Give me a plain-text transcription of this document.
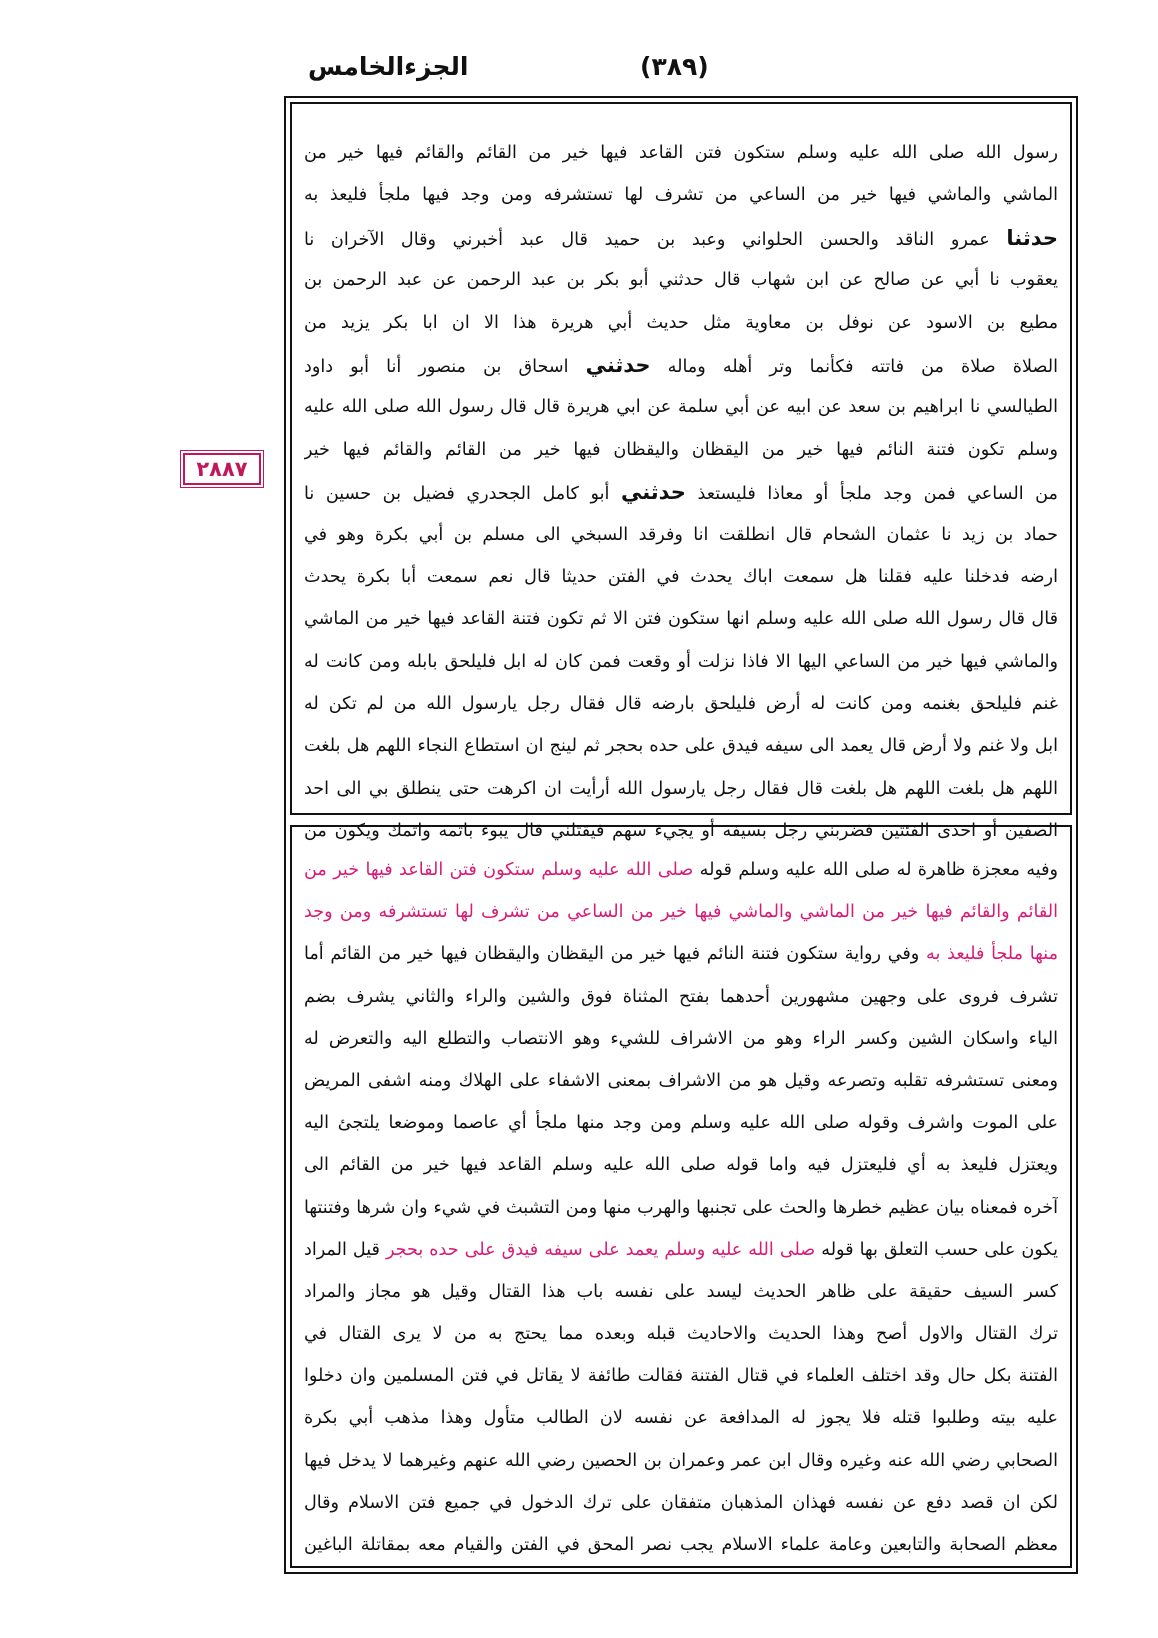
الجزءالخامس	(٣٨٩)
٢٨٨٧
رسول الله صلى الله عليه وسلم ستكون فتن القاعد فيها خير من القائم والقائم فيها خير من
الماشي والماشي فيها خير من الساعي من تشرف لها تستشرفه ومن وجد فيها ملجأ فليعذ به
حدثنا عمرو الناقد والحسن الحلواني وعبد بن حميد قال عبد أخبرني وقال الآخران نا
يعقوب نا أبي عن صالح عن ابن شهاب قال حدثني أبو بكر بن عبد الرحمن عن عبد الرحمن بن
مطيع بن الاسود عن نوفل بن معاوية مثل حديث أبي هريرة هذا الا ان ابا بكر يزيد من
الصلاة صلاة من فاتته فكأنما وتر أهله وماله حدثني اسحاق بن منصور أنا أبو داود
الطيالسي نا ابراهيم بن سعد عن ابيه عن أبي سلمة عن ابي هريرة قال قال رسول الله صلى الله عليه
وسلم تكون فتنة النائم فيها خير من اليقظان واليقظان فيها خير من القائم والقائم فيها خير
من الساعي فمن وجد ملجأ أو معاذا فليستعذ حدثني أبو كامل الجحدري فضيل بن حسين نا
حماد بن زيد نا عثمان الشحام قال انطلقت انا وفرقد السبخي الى مسلم بن أبي بكرة وهو في
ارضه فدخلنا عليه فقلنا هل سمعت اباك يحدث في الفتن حديثا قال نعم سمعت أبا بكرة يحدث
قال قال رسول الله صلى الله عليه وسلم انها ستكون فتن الا ثم تكون فتنة القاعد فيها خير من الماشي
والماشي فيها خير من الساعي اليها الا فاذا نزلت أو وقعت فمن كان له ابل فليلحق بابله ومن كانت له
غنم فليلحق بغنمه ومن كانت له أرض فليلحق بارضه قال فقال رجل يارسول الله من لم تكن له
ابل ولا غنم ولا أرض قال يعمد الى سيفه فيدق على حده بحجر ثم لينج ان استطاع النجاء اللهم هل بلغت
اللهم هل بلغت اللهم هل بلغت قال فقال رجل يارسول الله أرأيت ان اكرهت حتى ينطلق بي الى احد
الصفين أو احدى الفئتين فضربني رجل بسيفه أو يجيء سهم فيقتلني قال يبوء باثمه واثمك ويكون من
وفيه معجزة ظاهرة له صلى الله عليه وسلم قوله صلى الله عليه وسلم ستكون فتن القاعد فيها خير من
القائم والقائم فيها خير من الماشي والماشي فيها خير من الساعي من تشرف لها تستشرفه ومن وجد
منها ملجأ فليعذ به وفي رواية ستكون فتنة النائم فيها خير من اليقظان واليقظان فيها خير من القائم أما
تشرف فروى على وجهين مشهورين أحدهما بفتح المثناة فوق والشين والراء والثاني يشرف بضم
الياء واسكان الشين وكسر الراء وهو من الاشراف للشيء وهو الانتصاب والتطلع اليه والتعرض له
ومعنى تستشرفه تقلبه وتصرعه وقيل هو من الاشراف بمعنى الاشفاء على الهلاك ومنه اشفى المريض
على الموت واشرف وقوله صلى الله عليه وسلم ومن وجد منها ملجأ أي عاصما وموضعا يلتجئ اليه
ويعتزل فليعذ به أي فليعتزل فيه واما قوله صلى الله عليه وسلم القاعد فيها خير من القائم الى
آخره فمعناه بيان عظيم خطرها والحث على تجنبها والهرب منها ومن التشبث في شيء وان شرها وفتنتها
يكون على حسب التعلق بها قوله صلى الله عليه وسلم يعمد على سيفه فيدق على حده بحجر قيل المراد
كسر السيف حقيقة على ظاهر الحديث ليسد على نفسه باب هذا القتال وقيل هو مجاز والمراد
ترك القتال والاول أصح وهذا الحديث والاحاديث قبله وبعده مما يحتج به من لا يرى القتال في
الفتنة بكل حال وقد اختلف العلماء في قتال الفتنة فقالت طائفة لا يقاتل في فتن المسلمين وان دخلوا
عليه بيته وطلبوا قتله فلا يجوز له المدافعة عن نفسه لان الطالب متأول وهذا مذهب أبي بكرة
الصحابي رضي الله عنه وغيره وقال ابن عمر وعمران بن الحصين رضي الله عنهم وغيرهما لا يدخل فيها
لكن ان قصد دفع عن نفسه فهذان المذهبان متفقان على ترك الدخول في جميع فتن الاسلام وقال
معظم الصحابة والتابعين وعامة علماء الاسلام يجب نصر المحق في الفتن والقيام معه بمقاتلة الباغين
